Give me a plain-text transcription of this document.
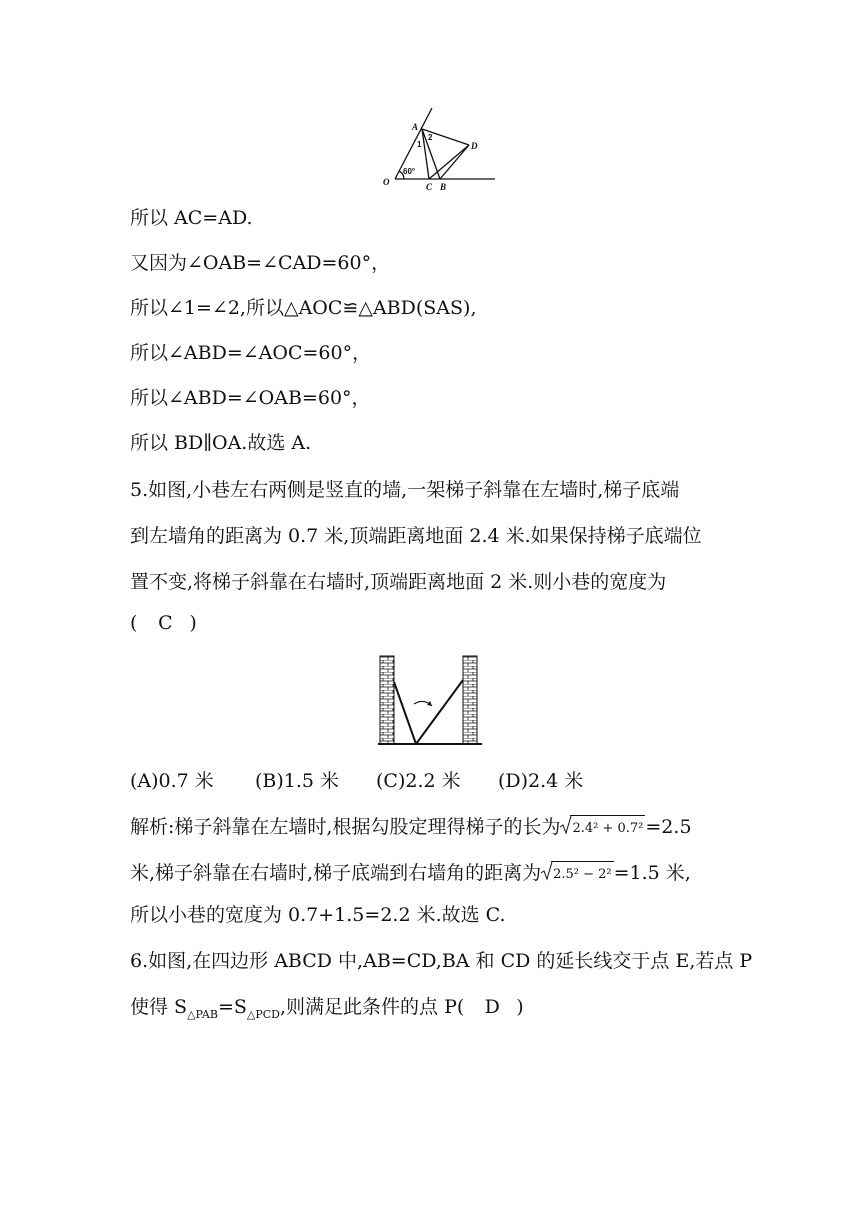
A
D
O	C B
1
2
60°
所以 AC=AD.
又因为∠OAB=∠CAD=60°，
所以∠1=∠2,所以△AOC≌△ABD(SAS),
所以∠ABD=∠AOC=60°，
所以∠ABD=∠OAB=60°，
所以 BD∥OA.故选 A.
5.如图,小巷左右两侧是竖直的墙,一架梯子斜靠在左墙时,梯子底端
到左墙角的距离为 0.7 米,顶端距离地面 2.4 米.如果保持梯子底端位
置不变,将梯子斜靠在右墙时,顶端距离地面 2 米.则小巷的宽度为
( C )
(A)0.7 米 (B)1.5 米 (C)2.2 米 (D)2.4 米
解析:梯子斜靠在左墙时,根据勾股定理得梯子的长为 2.4² + 0.7² =2.5
米,梯子斜靠在右墙时,梯子底端到右墙角的距离为 2.5² − 2² =1.5 米,
所以小巷的宽度为 0.7+1.5=2.2 米.故选 C.
6.如图,在四边形 ABCD 中,AB=CD,BA 和 CD 的延长线交于点 E,若点 P
使得 $S_{\triangle PAB}=S_{\triangle PCD}$,则满足此条件的点 P( D )
